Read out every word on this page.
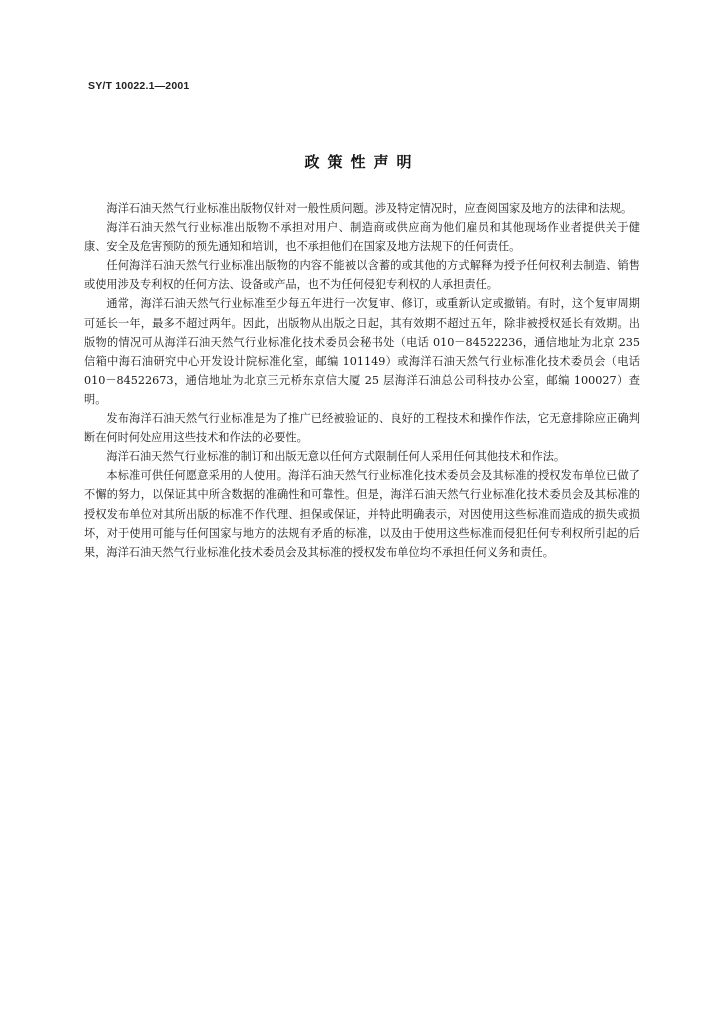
SY/T 10022.1—2001
政策性声明

海洋石油天然气行业标准出版物仅针对一般性质问题。涉及特定情况时，应查阅国家及地方的法律和法规。

海洋石油天然气行业标准出版物不承担对用户、制造商或供应商为他们雇员和其他现场作业者提供关于健康、安全及危害预防的预先通知和培训，也不承担他们在国家及地方法规下的任何责任。

任何海洋石油天然气行业标准出版物的内容不能被以含蓄的或其他的方式解释为授予任何权利去制造、销售或使用涉及专利权的任何方法、设备或产品，也不为任何侵犯专利权的人承担责任。

通常，海洋石油天然气行业标准至少每五年进行一次复审、修订，或重新认定或撤销。有时，这个复审周期可延长一年，最多不超过两年。因此，出版物从出版之日起，其有效期不超过五年，除非被授权延长有效期。出版物的情况可从海洋石油天然气行业标准化技术委员会秘书处（电话 010－84522236，通信地址为北京 235 信箱中海石油研究中心开发设计院标准化室，邮编 101149）或海洋石油天然气行业标准化技术委员会（电话 010－84522673，通信地址为北京三元桥东京信大厦 25 层海洋石油总公司科技办公室，邮编 100027）查明。

发布海洋石油天然气行业标准是为了推广已经被验证的、良好的工程技术和操作作法，它无意排除应正确判断在何时何处应用这些技术和作法的必要性。

海洋石油天然气行业标准的制订和出版无意以任何方式限制任何人采用任何其他技术和作法。

本标准可供任何愿意采用的人使用。海洋石油天然气行业标准化技术委员会及其标准的授权发布单位已做了不懈的努力，以保证其中所含数据的准确性和可靠性。但是，海洋石油天然气行业标准化技术委员会及其标准的授权发布单位对其所出版的标准不作代理、担保或保证，并特此明确表示，对因使用这些标准而造成的损失或损坏，对于使用可能与任何国家与地方的法规有矛盾的标准，以及由于使用这些标准而侵犯任何专利权所引起的后果，海洋石油天然气行业标准化技术委员会及其标准的授权发布单位均不承担任何义务和责任。
